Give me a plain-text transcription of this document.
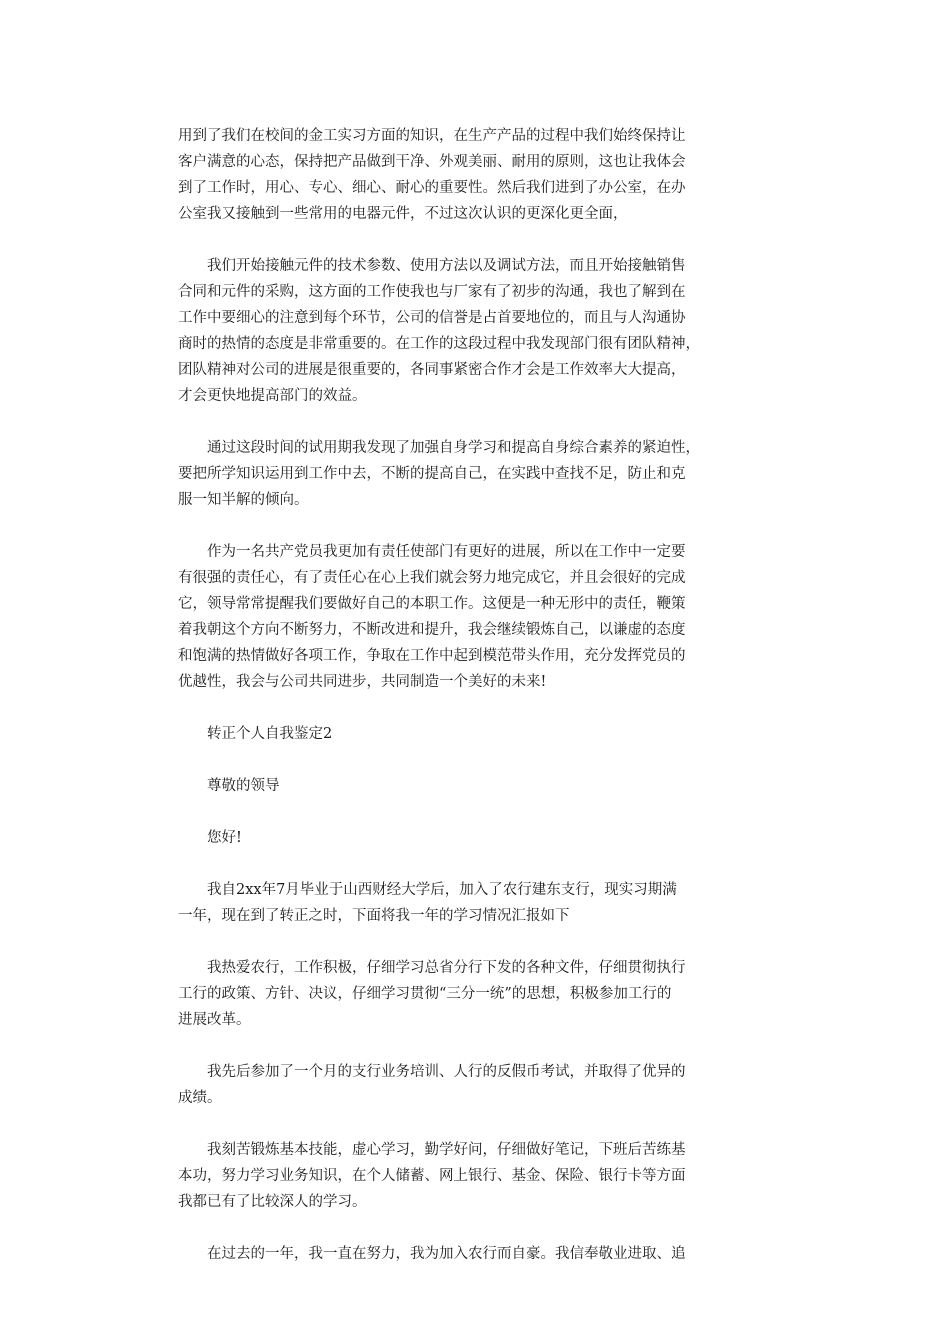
用到了我们在校间的金工实习方面的知识，在生产产品的过程中我们始终保持让
客户满意的心态，保持把产品做到干净、外观美丽、耐用的原则，这也让我体会
到了工作时，用心、专心、细心、耐心的重要性。然后我们进到了办公室，在办
公室我又接触到一些常用的电器元件，不过这次认识的更深化更全面，
　　我们开始接触元件的技术参数、使用方法以及调试方法，而且开始接触销售
合同和元件的采购，这方面的工作使我也与厂家有了初步的沟通，我也了解到在
工作中要细心的注意到每个环节，公司的信誉是占首要地位的，而且与人沟通协
商时的热情的态度是非常重要的。在工作的这段过程中我发现部门很有团队精神，
团队精神对公司的进展是很重要的，各同事紧密合作才会是工作效率大大提高，
才会更快地提高部门的效益。
　　通过这段时间的试用期我发现了加强自身学习和提高自身综合素养的紧迫性，
要把所学知识运用到工作中去，不断的提高自己，在实践中查找不足，防止和克
服一知半解的倾向。
　　作为一名共产党员我更加有责任使部门有更好的进展，所以在工作中一定要
有很强的责任心，有了责任心在心上我们就会努力地完成它，并且会很好的完成
它，领导常常提醒我们要做好自己的本职工作。这便是一种无形中的责任，鞭策
着我朝这个方向不断努力，不断改进和提升，我会继续锻炼自己，以谦虚的态度
和饱满的热情做好各项工作，争取在工作中起到模范带头作用，充分发挥党员的
优越性，我会与公司共同进步，共同制造一个美好的未来!
　　转正个人自我鉴定2
　　尊敬的领导
　　您好!
　　我自2xx年7月毕业于山西财经大学后，加入了农行建东支行，现实习期满
一年，现在到了转正之时，下面将我一年的学习情况汇报如下
　　我热爱农行，工作积极，仔细学习总省分行下发的各种文件，仔细贯彻执行
工行的政策、方针、决议，仔细学习贯彻“三分一统”的思想，积极参加工行的
进展改革。
　　我先后参加了一个月的支行业务培训、人行的反假币考试，并取得了优异的
成绩。
　　我刻苦锻炼基本技能，虚心学习，勤学好问，仔细做好笔记，下班后苦练基
本功，努力学习业务知识，在个人储蓄、网上银行、基金、保险、银行卡等方面
我都已有了比较深人的学习。
　　在过去的一年，我一直在努力，我为加入农行而自豪。我信奉敬业进取、追
